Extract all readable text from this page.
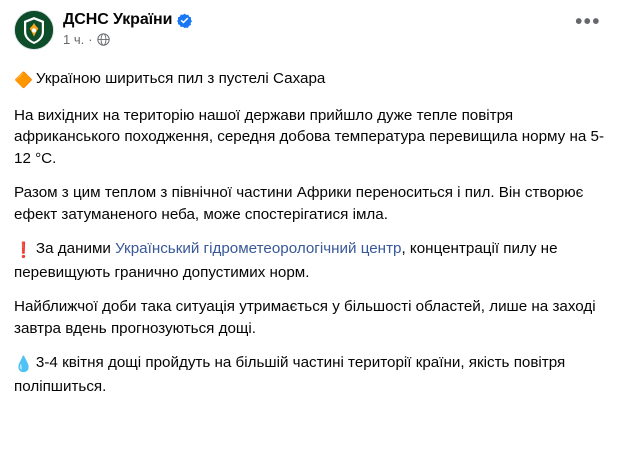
ДСНС України
1 ч. ·
•••

🔶 Україною шириться пил з пустелі Сахара

На вихідних на територію нашої держави прийшло дуже тепле повітря африканського походження, середня добова температура перевищила норму на 5-12 °C.

Разом з цим теплом з північної частини Африки переноситься і пил. Він створює ефект затуманеного неба, може спостерігатися імла.

❗ За даними Український гідрометеорологічний центр, концентрації пилу не перевищують гранично допустимих норм.

Найближчої доби така ситуація утримається у більшості областей, лише на заході завтра вдень прогнозуються дощі.

💧 3-4 квітня дощі пройдуть на більшій частині території країни, якість повітря поліпшиться.
